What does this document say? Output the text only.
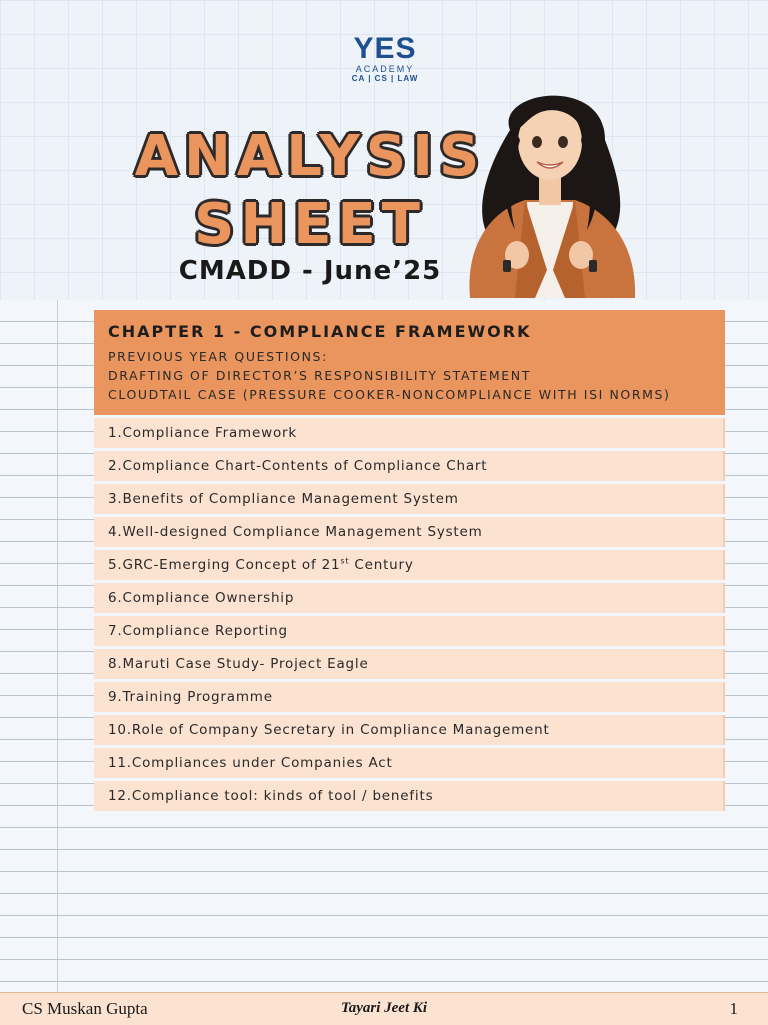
YES
ACADEMY
CA | CS | LAW
ANALYSIS
SHEET
CMADD - June’25
CHAPTER 1 - COMPLIANCE FRAMEWORK
PREVIOUS YEAR QUESTIONS:
DRAFTING OF DIRECTOR’S RESPONSIBILITY STATEMENT
CLOUDTAIL CASE (PRESSURE COOKER-NONCOMPLIANCE WITH ISI NORMS)
1.Compliance Framework
2.Compliance Chart-Contents of Compliance Chart
3.Benefits of Compliance Management System
4.Well-designed Compliance Management System
5.GRC-Emerging Concept of 21st Century
6.Compliance Ownership
7.Compliance Reporting
8.Maruti Case Study- Project Eagle
9.Training Programme
10.Role of Company Secretary in Compliance Management
11.Compliances under Companies Act
12.Compliance tool: kinds of tool / benefits
CS Muskan Gupta	Tayari Jeet Ki	1
